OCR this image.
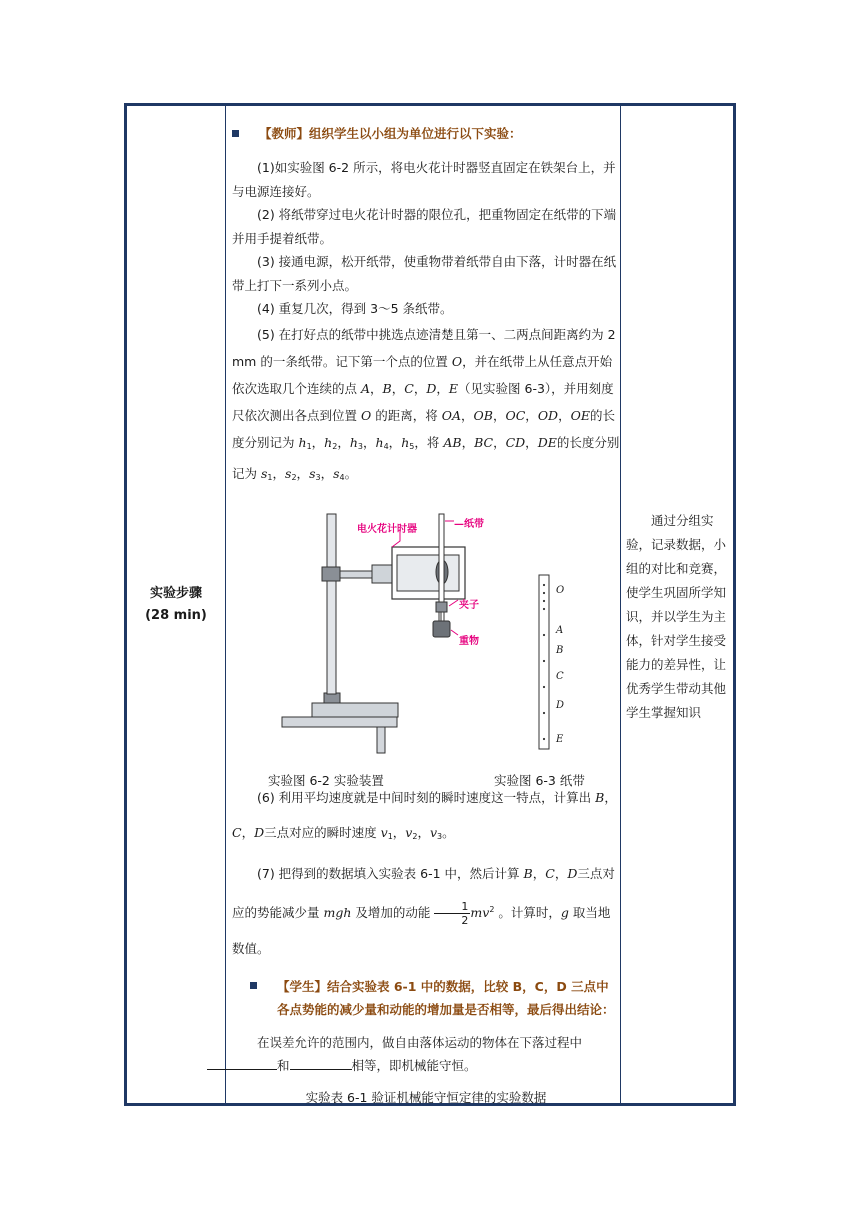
实验步骤
(28 min)
【教师】组织学生以小组为单位进行以下实验：

(1)如实验图 6-2 所示，将电火花计时器竖直固定在铁架台上，并与电源连接好。

(2) 将纸带穿过电火花计时器的限位孔，把重物固定在纸带的下端并用手提着纸带。

(3) 接通电源，松开纸带，使重物带着纸带自由下落，计时器在纸带上打下一系列小点。

(4) 重复几次，得到 3～5 条纸带。

(5) 在打好点的纸带中挑选点迹清楚且第一、二两点间距离约为 2 mm 的一条纸带。记下第一个点的位置 O，并在纸带上从任意点开始依次选取几个连续的点 A，B，C，D，E（见实验图 6-3），并用刻度尺依次测出各点到位置 O 的距离，将 OA，OB，OC，OD，OE的长度分别记为 $h_1$，$h_2$，$h_3$，$h_4$，$h_5$，将 AB，BC，CD，DE的长度分别记为 $s_1$，$s_2$，$s_3$，$s_4$。

电火花计时器	—纸带
夹子
重物
O
A
B
C
D
E
实验图 6-2 实验装置	实验图 6-3 纸带

(6) 利用平均速度就是中间时刻的瞬时速度这一特点，计算出 B，C，D三点对应的瞬时速度 $v_1$，$v_2$，$v_3$。

(7) 把得到的数据填入实验表 6-1 中，然后计算 B，C，D三点对应的势能减少量 mgh 及增加的动能 $\frac{1}{2} mv^2$ 。计算时，g 取当地数值。

【学生】结合实验表 6-1 中的数据，比较 B，C，D 三点中各点势能的减少量和动能的增加量是否相等，最后得出结论：

在误差允许的范围内，做自由落体运动的物体在下落过程中
和	相等，即机械能守恒。

实验表 6-1 验证机械能守恒定律的实验数据

通过分组实验，记录数据，小组的对比和竞赛，使学生巩固所学知识，并以学生为主体，针对学生接受能力的差异性，让优秀学生带动其他学生掌握知识
